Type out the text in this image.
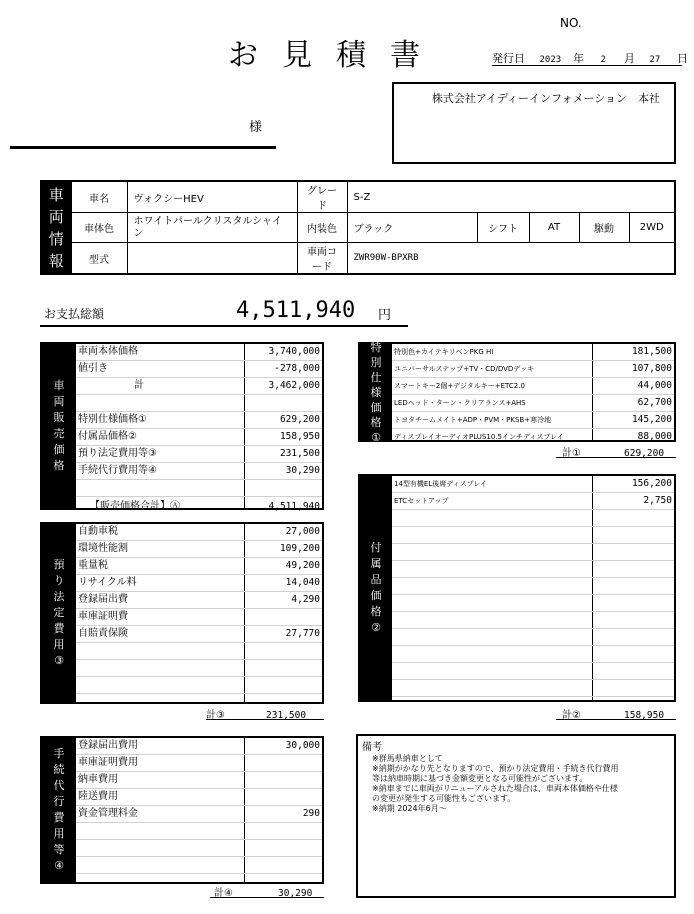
お見積書
NO.
発行日 2023 年 2 月 27 日
様
株式会社アイディーインフォメーション　本社
車両情報	車名	ヴォクシーHEV	グレード	S-Z				
	車体色	ホワイトパールクリスタルシャイン	内装色	ブラック	シフト	AT	駆動	2WD
	型式		車両コード	ZWR90W-BPXRB				
お支払総額	4,511,940 円
車両販売価格
車両本体価格	3,740,000
値引き	-278,000
計	3,462,000
特別仕様価格①	629,200
付属品価格②	158,950
預り法定費用等③	231,500
手続代行費用等④	30,290
【販売価格合計】Ⓐ	4,511,940
預り法定費用③
自動車税	27,000
環境性能割	109,200
重量税	49,200
リサイクル料	14,040
登録届出費	4,290
車庫証明費
自賠責保険	27,770
計③	231,500
手続代行費用等④
登録届出費用	30,000
車庫証明費用
納車費用
陸送費用
資金管理料金	290
計④	30,290
特別仕様価格①
特別色+カイテキリベンPKG HI	181,500
ユニバーサルステップ+TV・CD/DVDデッキ	107,800
スマートキー2個+デジタルキー+ETC2.0	44,000
LEDヘッド・ターン・クリアランス+AHS	62,700
トヨタチームメイト+ADP・PVM・PKSB+寒冷地	145,200
ディスプレイオーディオPLUS10.5インチディスプレイ	88,000
計①	629,200
付属品価格②
14型有機EL後席ディスプレイ	156,200
ETCセットアップ	2,750
計②	158,950
備考
※群馬県納車として
※納期がかなり先となりますので、預かり法定費用・手続き代行費用
等は納車時期に基づき金額変更となる可能性がございます。
※納車までに車両がリニューアルされた場合は、車両本体価格や仕様
の変更が発生する可能性もございます。
※納期 2024年6月～
